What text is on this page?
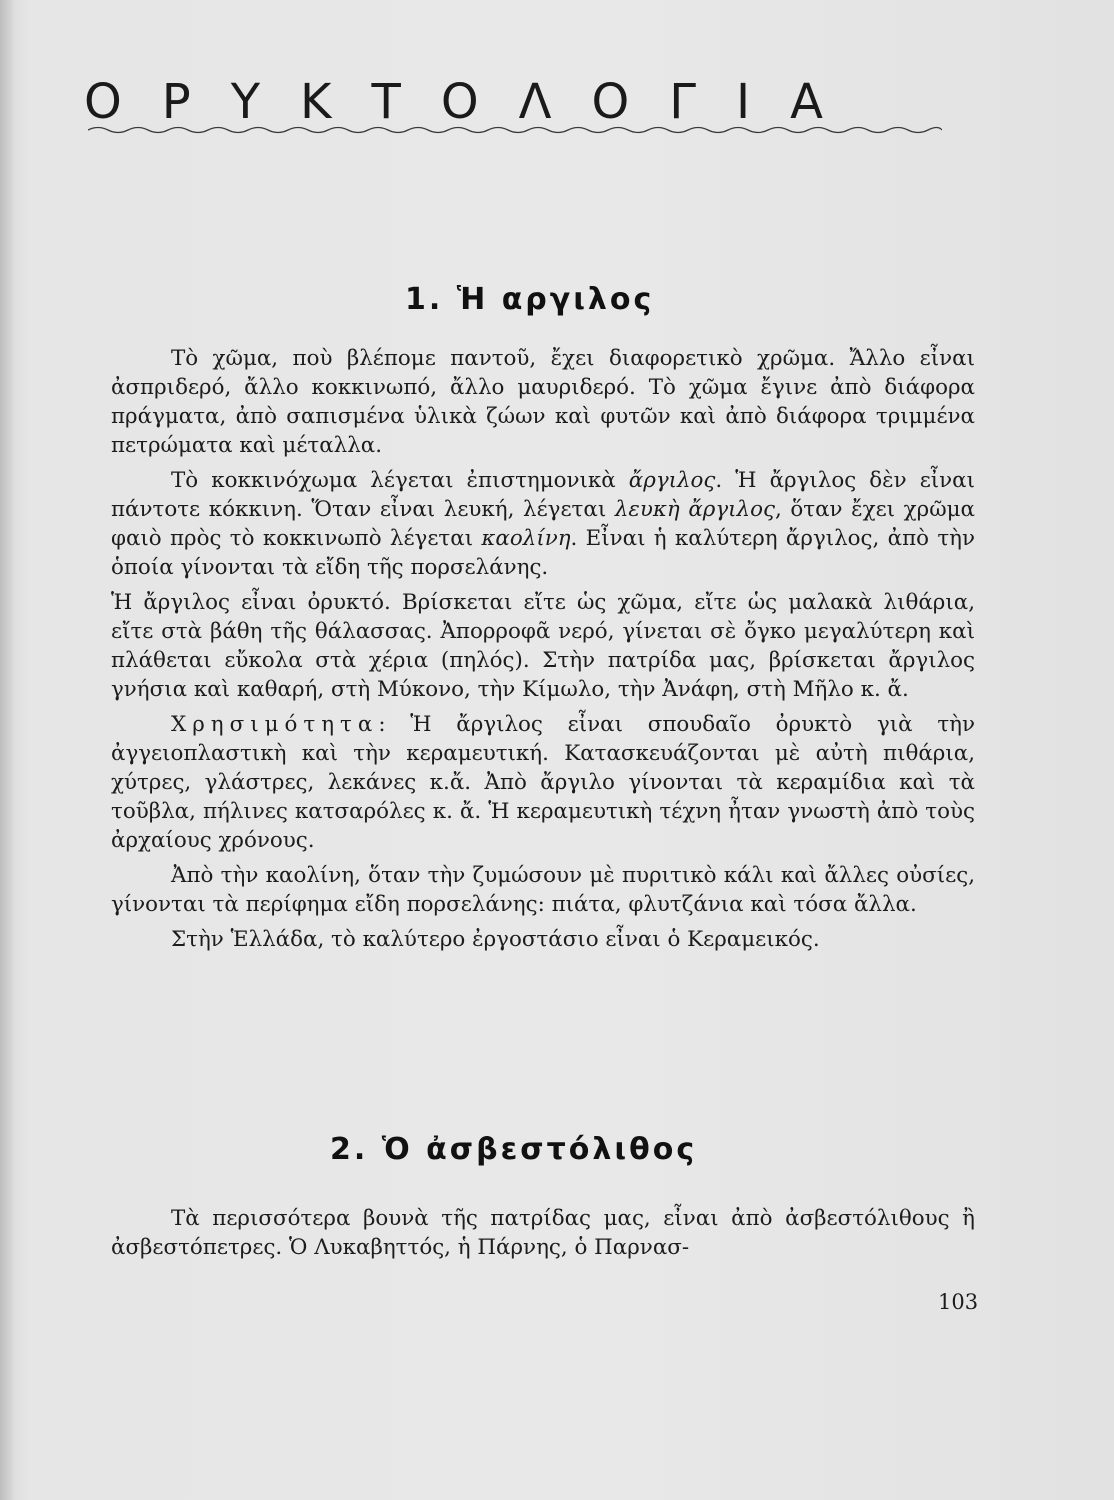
ΟΡΥΚΤΟΛΟΓΙΑ
1. Ἡ αργιλος

Τὸ χῶμα, ποὺ βλέπομε παντοῦ, ἔχει διαφορετικὸ χρῶμα. Ἄλλο εἶναι ἀσπριδερό, ἄλλο κοκκινωπό, ἄλλο μαυριδερό. Τὸ χῶμα ἔγινε ἀπὸ διάφορα πράγματα, ἀπὸ σαπισμένα ὑλικὰ ζώων καὶ φυτῶν καὶ ἀπὸ διάφορα τριμμένα πετρώματα καὶ μέταλλα.

Τὸ κοκκινόχωμα λέγεται ἐπιστημονικὰ ἄργιλος. Ἡ ἄργιλος δὲν εἶναι πάντοτε κόκκινη. Ὅταν εἶναι λευκή, λέγεται λευκὴ ἄργιλος, ὅταν ἔχει χρῶμα φαιὸ πρὸς τὸ κοκκινωπὸ λέγεται καολίνη. Εἶναι ἡ καλύτερη ἄργιλος, ἀπὸ τὴν ὁποία γίνονται τὰ εἴδη τῆς πορσελάνης.

Ἡ ἄργιλος εἶναι ὀρυκτό. Βρίσκεται εἴτε ὡς χῶμα, εἴτε ὡς μαλακὰ λιθάρια, εἴτε στὰ βάθη τῆς θάλασσας. Ἀπορροφᾶ νερό, γίνεται σὲ ὄγκο μεγαλύτερη καὶ πλάθεται εὔκολα στὰ χέρια (πηλός). Στὴν πατρίδα μας, βρίσκεται ἄργιλος γνήσια καὶ καθαρή, στὴ Μύκονο, τὴν Κίμωλο, τὴν Ἀνάφη, στὴ Μῆλο κ. ἄ.

Χρησιμότητα: Ἡ ἄργιλος εἶναι σπουδαῖο ὀρυκτὸ γιὰ τὴν ἀγγειοπλαστικὴ καὶ τὴν κεραμευτική. Κατασκευάζονται μὲ αὐτὴ πιθάρια, χύτρες, γλάστρες, λεκάνες κ.ἄ. Ἀπὸ ἄργιλο γίνονται τὰ κεραμίδια καὶ τὰ τοῦβλα, πήλινες κατσαρόλες κ. ἄ. Ἡ κεραμευτικὴ τέχνη ἦταν γνωστὴ ἀπὸ τοὺς ἀρχαίους χρόνους.

Ἀπὸ τὴν καολίνη, ὅταν τὴν ζυμώσουν μὲ πυριτικὸ κάλι καὶ ἄλλες οὐσίες, γίνονται τὰ περίφημα εἴδη πορσελάνης: πιάτα, φλυτζάνια καὶ τόσα ἄλλα.

Στὴν Ἑλλάδα, τὸ καλύτερο ἐργοστάσιο εἶναι ὁ Κεραμεικός.

2. Ὁ ἀσβεστόλιθος

Τὰ περισσότερα βουνὰ τῆς πατρίδας μας, εἶναι ἀπὸ ἀσβεστόλιθους ἢ ἀσβεστόπετρες. Ὁ Λυκαβηττός, ἡ Πάρνης, ὁ Παρνασ-

103
